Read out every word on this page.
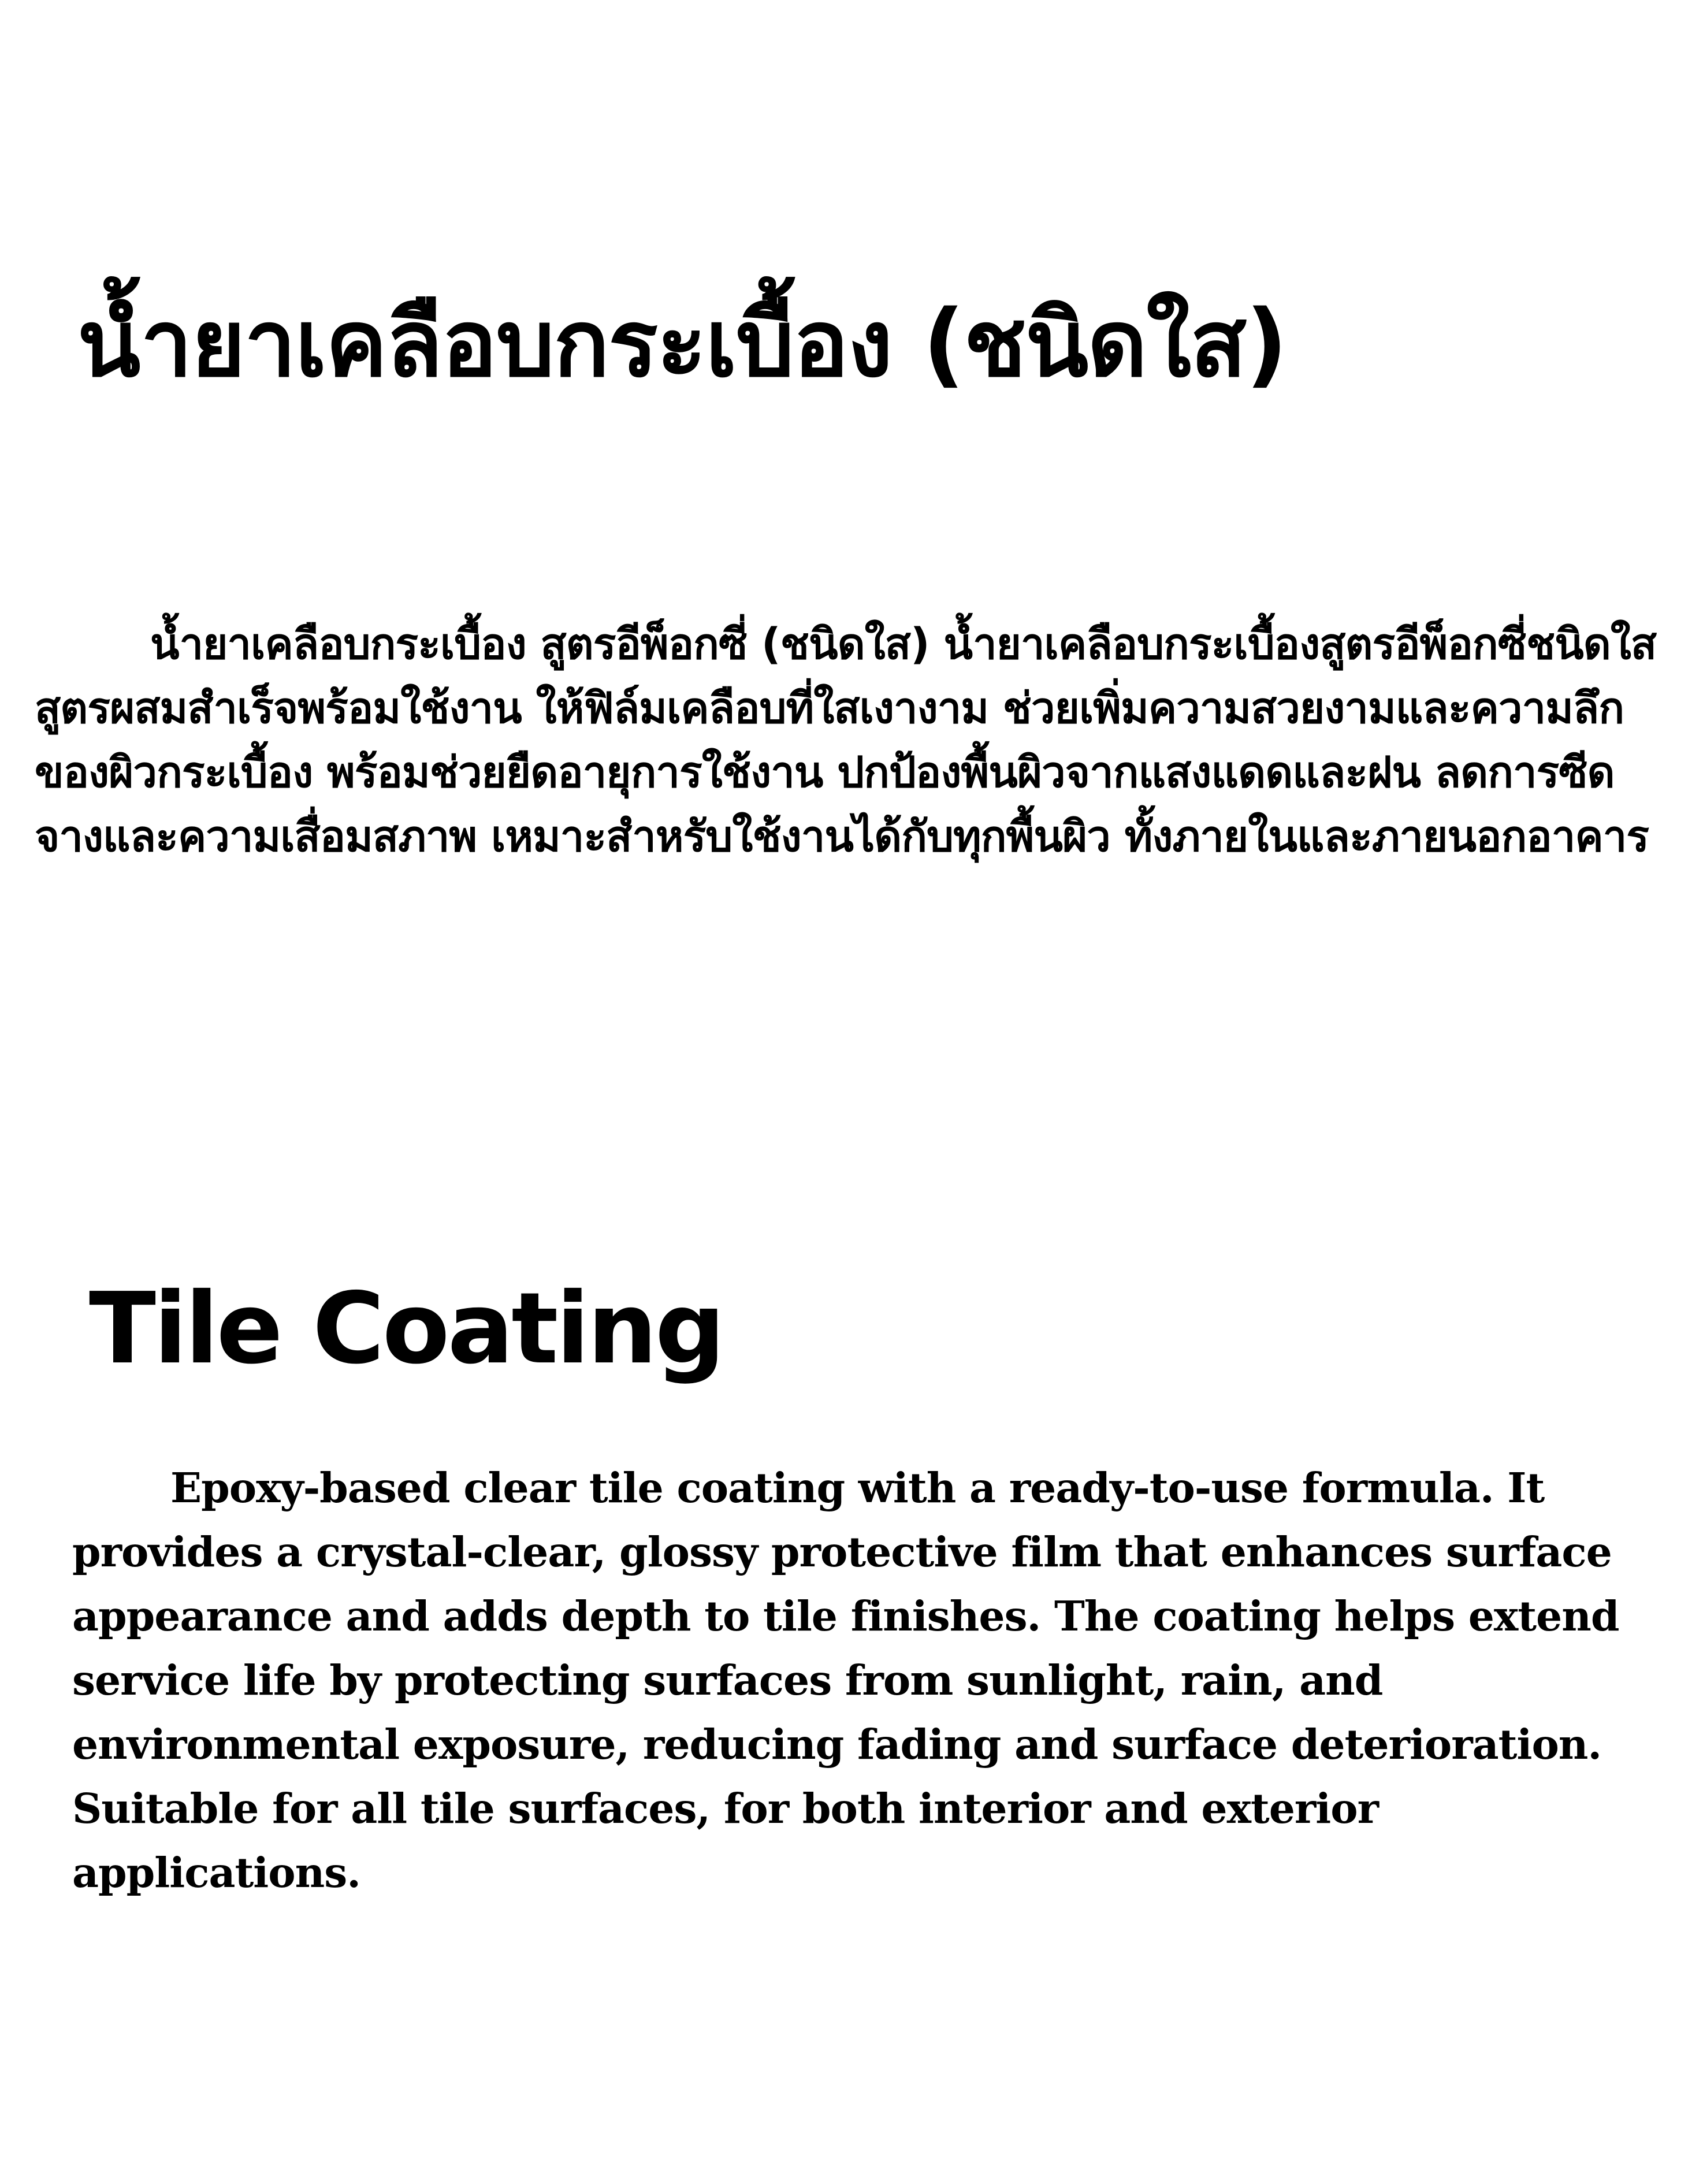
น้ำยาเคลือบกระเบื้อง (ชนิดใส)

น้ำยาเคลือบกระเบื้อง สูตรอีพ็อกซี่ (ชนิดใส) น้ำยาเคลือบกระเบื้องสูตรอีพ็อกซี่ชนิดใส สูตรผสมสำเร็จพร้อมใช้งาน ให้ฟิล์มเคลือบที่ใสเงางาม ช่วยเพิ่มความสวยงามและความลึกของผิวกระเบื้อง พร้อมช่วยยืดอายุการใช้งาน ปกป้องพื้นผิวจากแสงแดดและฝน ลดการซีดจางและความเสื่อมสภาพ เหมาะสำหรับใช้งานได้กับทุกพื้นผิว ทั้งภายในและภายนอกอาคาร

Tile Coating

Epoxy-based clear tile coating with a ready-to-use formula. It provides a crystal-clear, glossy protective film that enhances surface appearance and adds depth to tile finishes. The coating helps extend service life by protecting surfaces from sunlight, rain, and environmental exposure, reducing fading and surface deterioration. Suitable for all tile surfaces, for both interior and exterior applications.
